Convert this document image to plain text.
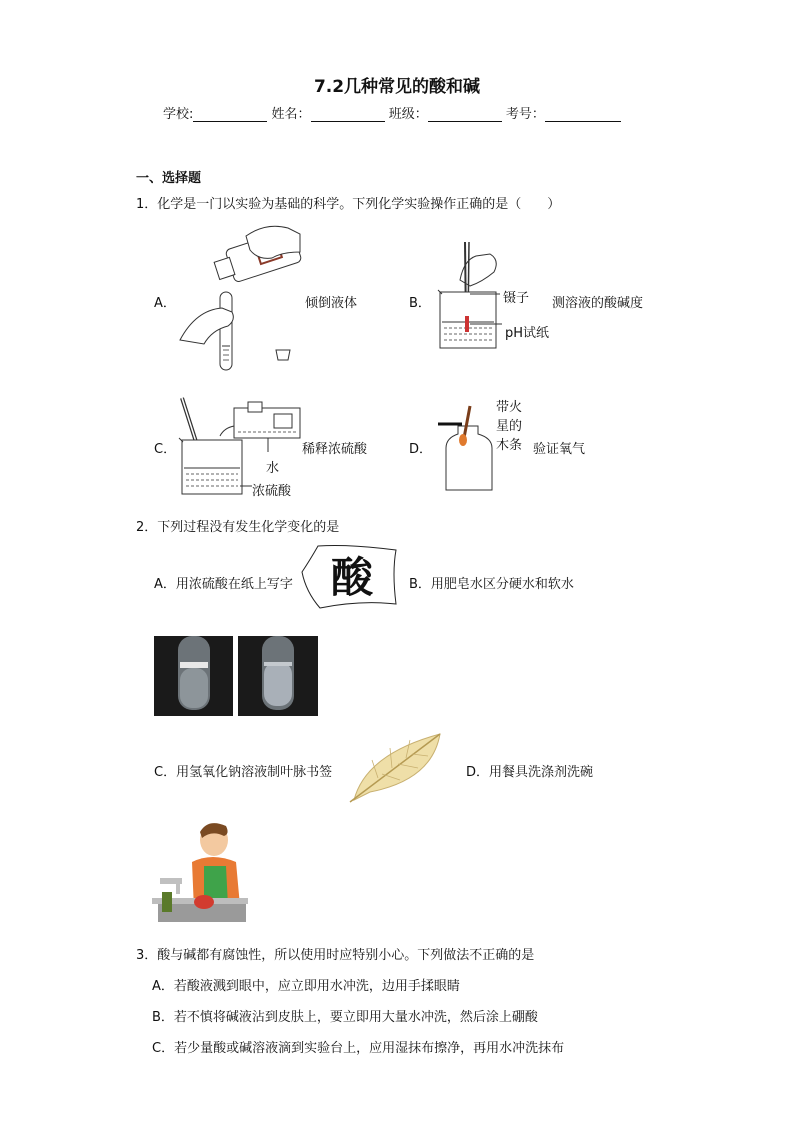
7.2几种常见的酸和碱
学校:	姓名：	班级：	考号：
一、选择题
1．化学是一门以实验为基础的科学。下列化学实验操作正确的是（　　）
A．	倾倒液体	B．	镊子
pH试纸
测溶液的酸碱度
C．	稀释浓硫酸
水
浓硫酸
D．
带火
星的
木条 验证氧气
2．下列过程没有发生化学变化的是
A．用浓硫酸在纸上写字 酸	B．用肥皂水区分硬水和软水
C．用氢氧化钠溶液制叶脉书签	D．用餐具洗涤剂洗碗
3．酸与碱都有腐蚀性，所以使用时应特别小心。下列做法不正确的是
A．若酸液溅到眼中，应立即用水冲洗，边用手揉眼睛
B．若不慎将碱液沾到皮肤上，要立即用大量水冲洗，然后涂上硼酸
C．若少量酸或碱溶液滴到实验台上，应用湿抹布擦净，再用水冲洗抹布
